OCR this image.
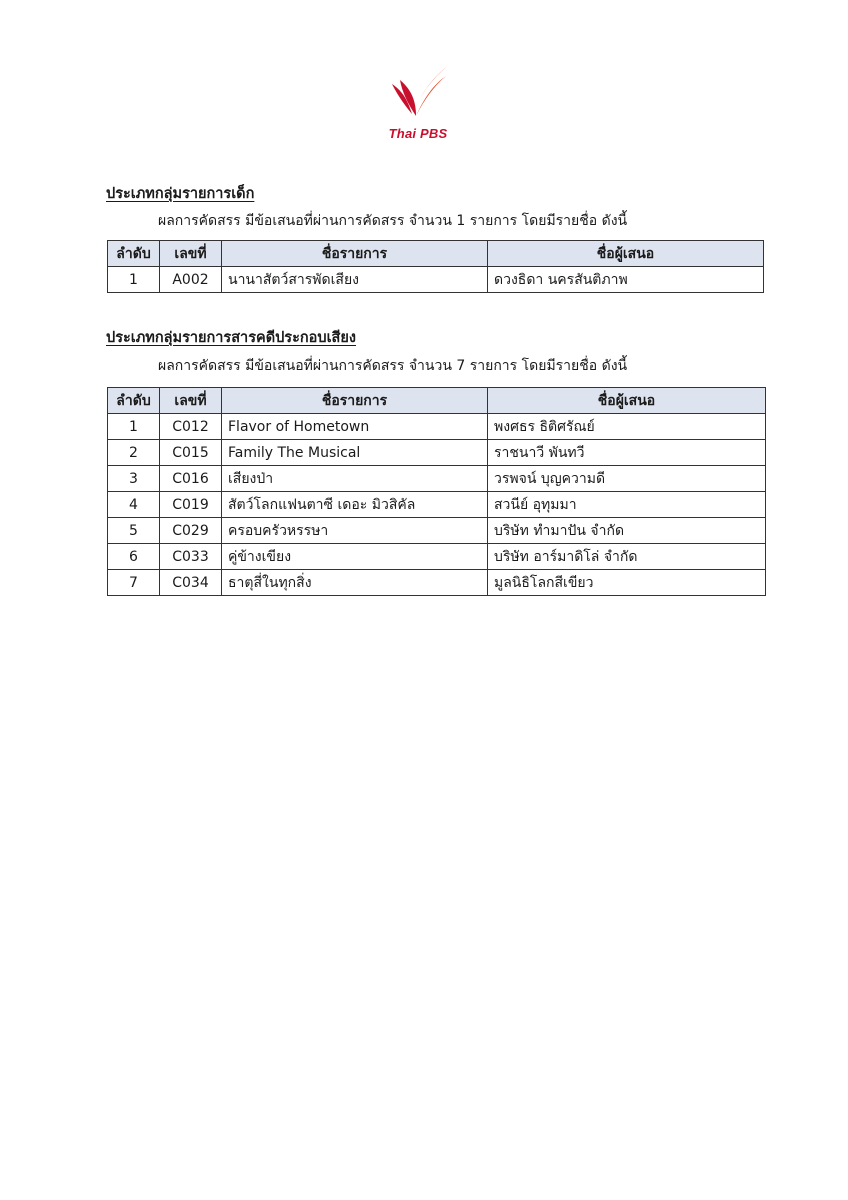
Thai PBS

ประเภทกลุ่มรายการเด็ก

ผลการคัดสรร มีข้อเสนอที่ผ่านการคัดสรร จำนวน 1 รายการ โดยมีรายชื่อ ดังนี้

ลำดับ	เลขที่	ชื่อรายการ	ชื่อผู้เสนอ
1	A002	นานาสัตว์สารพัดเสียง	ดวงธิดา นครสันติภาพ

ประเภทกลุ่มรายการสารคดีประกอบเสียง

ผลการคัดสรร มีข้อเสนอที่ผ่านการคัดสรร จำนวน 7 รายการ โดยมีรายชื่อ ดังนี้

ลำดับ	เลขที่	ชื่อรายการ	ชื่อผู้เสนอ
1	C012	Flavor of Hometown	พงศธร ธิติศรัณย์
2	C015	Family The Musical	ราชนาวี พันทวี
3	C016	เสียงป่า	วรพจน์ บุญความดี
4	C019	สัตว์โลกแฟนตาซี เดอะ มิวสิคัล	สวนีย์ อุทุมมา
5	C029	ครอบครัวหรรษา	บริษัท ทำมาปัน จำกัด
6	C033	คู่ข้างเขียง	บริษัท อาร์มาดิโล่ จำกัด
7	C034	ธาตุสี่ในทุกสิ่ง	มูลนิธิโลกสีเขียว
